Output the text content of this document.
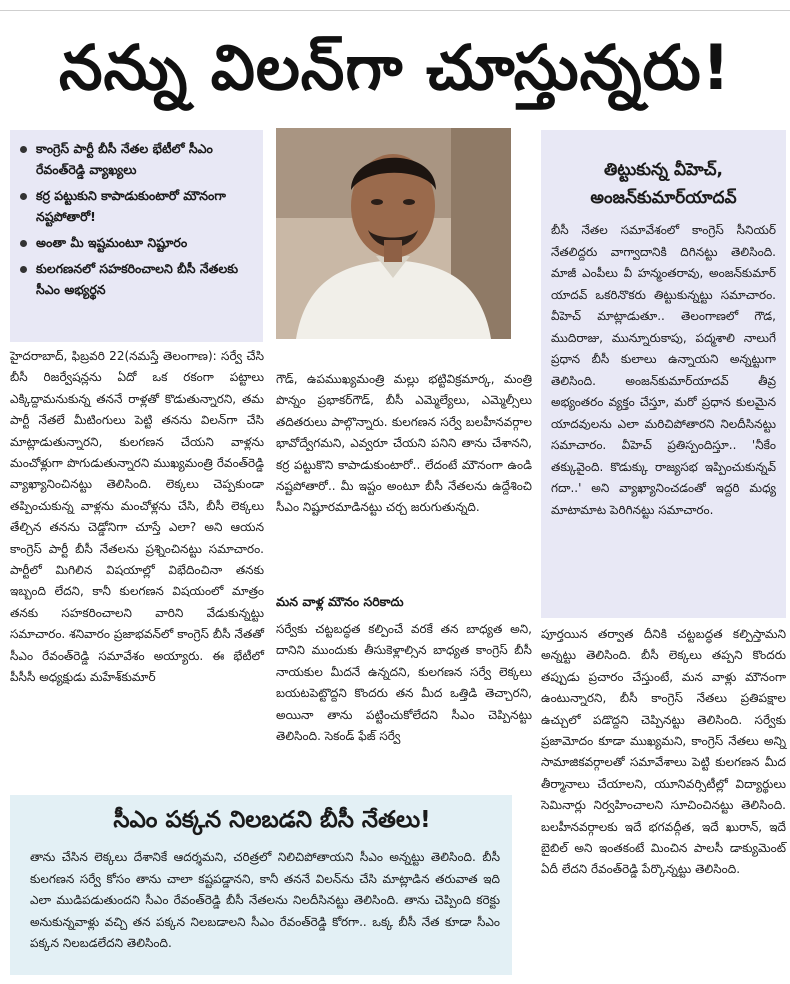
నన్ను విలన్‌గా చూస్తున్నరు!
కాంగ్రెస్ పార్టీ బీసీ నేతల భేటీలో సీఎం రేవంత్‌రెడ్డి వ్యాఖ్యలు
కర్ర పట్టుకుని కాపాడుకుంటారో మౌనంగా నష్టపోతారో!
అంతా మీ ఇష్టమంటూ నిష్టూరం
కులగణనలో సహకరించాలని బీసీ నేతలకు సీఎం అభ్యర్థన
తిట్టుకున్న వీహెచ్, అంజన్‌కుమార్‌యాదవ్

బీసీ నేతల సమావేశంలో కాంగ్రెస్ సీనియర్ నేతలిద్దరు వాగ్వాదానికి దిగినట్టు తెలిసింది. మాజీ ఎంపీలు వీ హన్మంతరావు, అంజన్‌కుమార్ యాదవ్ ఒకరినొకరు తిట్టుకున్నట్టు సమాచారం. వీహెచ్ మాట్లాడుతూ.. తెలంగాణలో గౌడ, ముదిరాజు, మున్నూరుకాపు, పద్మశాలి నాలుగే ప్రధాన బీసీ కులాలు ఉన్నాయని అన్నట్టుగా తెలిసింది. అంజన్‌కుమార్‌యాదవ్ తీవ్ర అభ్యంతరం వ్యక్తం చేస్తూ, మరో ప్రధాన కులమైన యాదవులను ఎలా మరిచిపోతారని నిలదీసినట్టు సమాచారం. వీహెచ్ ప్రతిస్పందిస్తూ.. 'నీకేం తక్కువైంది. కొడుక్కు రాజ్యసభ ఇప్పించుకున్నవ్ గదా..' అని వ్యాఖ్యానించడంతో ఇద్దరి మధ్య మాటామాట పెరిగినట్టు సమాచారం.

హైదరాబాద్, ఫిబ్రవరి 22(నమస్తే తెలంగాణ): సర్వే చేసి బీసీ రిజర్వేషన్లను ఏదో ఒక రకంగా పట్టాలు ఎక్కిద్దామనుకున్న తననే రాళ్లతో కొడుతున్నారని, తమ పార్టీ నేతలే మీటింగులు పెట్టి తనను విలన్‌గా చేసి మాట్లాడుతున్నారని, కులగణన చేయని వాళ్లను మంచోళ్లుగా పొగుడుతున్నారని ముఖ్యమంత్రి రేవంత్‌రెడ్డి వ్యాఖ్యానించినట్టు తెలిసింది. లెక్కలు చెప్పకుండా తప్పించుకున్న వాళ్లను మంచోళ్లను చేసి, బీసీ లెక్కలు తేల్చిన తనను చెడ్డోనిగా చూస్తే ఎలా? అని ఆయన కాంగ్రెస్ పార్టీ బీసీ నేతలను ప్రశ్నించినట్టు సమాచారం. పార్టీలో మిగిలిన విషయాల్లో విభేదించినా తనకు ఇబ్బంది లేదని, కానీ కులగణన విషయంలో మాత్రం తనకు సహకరించాలని వారిని వేడుకున్నట్టు సమాచారం. శనివారం ప్రజాభవన్‌లో కాంగ్రెస్ బీసీ నేతతో సీఎం రేవంత్‌రెడ్డి సమావేశం అయ్యారు. ఈ భేటీలో పీసీసీ అధ్యక్షుడు మహేశ్‌కుమార్

గౌడ్, ఉపముఖ్యమంత్రి మల్లు భట్టివిక్రమార్క, మంత్రి పొన్నం ప్రభాకర్‌గౌడ్, బీసీ ఎమ్మెల్యేలు, ఎమ్మెల్సీలు తదితరులు పాల్గొన్నారు. కులగణన సర్వే బలహీనవర్గాల భావోద్వేగమని, ఎవ్వరూ చేయని పనిని తాను చేశానని, కర్ర పట్టుకొని కాపాడుకుంటారో.. లేదంటే మౌనంగా ఉండి నష్టపోతారో.. మీ ఇష్టం అంటూ బీసీ నేతలను ఉద్దేశించి సీఎం నిష్టూరమాడినట్టు చర్చ జరుగుతున్నది.

మన వాళ్ల మౌనం సరికాదు

సర్వేకు చట్టబద్ధత కల్పించే వరకే తన బాధ్యత అని, దానిని ముందుకు తీసుకెళ్లాల్సిన బాధ్యత కాంగ్రెస్ బీసీ నాయకుల మీదనే ఉన్నదని, కులగణన సర్వే లెక్కలు బయటపెట్టొద్దని కొందరు తన మీద ఒత్తిడి తెచ్చారని, అయినా తాను పట్టించుకోలేదని సీఎం చెప్పినట్టు తెలిసింది. సెకండ్ ఫేజ్ సర్వే

పూర్తయిన తర్వాత దీనికి చట్టబద్ధత కల్పిస్తామని అన్నట్టు తెలిసింది. బీసీ లెక్కలు తప్పని కొందరు తప్పుడు ప్రచారం చేస్తుంటే, మన వాళ్లు మౌనంగా ఉంటున్నారని, బీసీ కాంగ్రెస్ నేతలు ప్రతిపక్షాల ఉచ్చులో పడొద్దని చెప్పినట్టు తెలిసింది. సర్వేకు ప్రజామోదం కూడా ముఖ్యమని, కాంగ్రెస్ నేతలు అన్ని సామాజికవర్గాలతో సమావేశాలు పెట్టి కులగణన మీద తీర్మానాలు చేయాలని, యూనివర్సిటీల్లో విద్యార్థులు సెమినార్లు నిర్వహించాలని సూచించినట్టు తెలిసింది. బలహీనవర్గాలకు ఇదే భగవద్గీత, ఇదే ఖురాన్, ఇదే బైబిల్ అని ఇంతకంటే మించిన పాలసీ డాక్యుమెంట్ ఏదీ లేదని రేవంత్‌రెడ్డి పేర్కొన్నట్టు తెలిసింది.

సీఎం పక్కన నిలబడని బీసీ నేతలు!

తాను చేసిన లెక్కలు దేశానికే ఆదర్శమని, చరిత్రలో నిలిచిపోతాయని సీఎం అన్నట్టు తెలిసింది. బీసీ కులగణన సర్వే కోసం తాను చాలా కష్టపడ్డానని, కానీ తననే విలన్‌ను చేసి మాట్లాడిన తరువాత ఇది ఎలా ముడిపడుతుందని సీఎం రేవంత్‌రెడ్డి బీసీ నేతలను నిలదీసినట్టు తెలిసింది. తాను చెప్పింది కరెక్టు అనుకున్నవాళ్లు వచ్చి తన పక్కన నిలబడాలని సీఎం రేవంత్‌రెడ్డి కోరగా.. ఒక్క బీసీ నేత కూడా సీఎం పక్కన నిలబడలేదని తెలిసింది.
